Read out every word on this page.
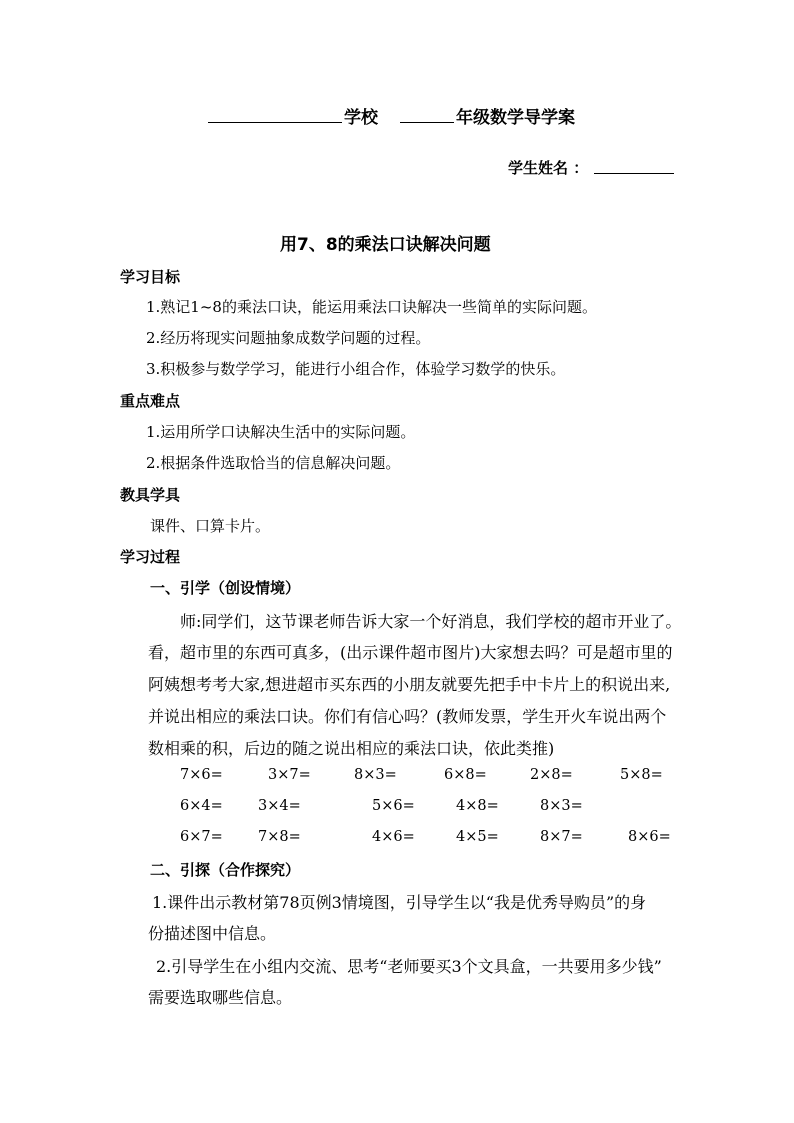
学校	年级数学导学案
学生姓名 ：
用7、8的乘法口诀解决问题
学习目标
1.熟记1~8的乘法口诀，能运用乘法口诀解决一些简单的实际问题。
2.经历将现实问题抽象成数学问题的过程。
3.积极参与数学学习，能进行小组合作，体验学习数学的快乐。
重点难点
1.运用所学口诀解决生活中的实际问题。
2.根据条件选取恰当的信息解决问题。
教具学具
课件、口算卡片。
学习过程
一、引学（创设情境）
师:同学们，这节课老师告诉大家一个好消息，我们学校的超市开业了。
看，超市里的东西可真多，(出示课件超市图片)大家想去吗？可是超市里的
阿姨想考考大家,想进超市买东西的小朋友就要先把手中卡片上的积说出来,
并说出相应的乘法口诀。你们有信心吗？(教师发票，学生开火车说出两个
数相乘的积，后边的随之说出相应的乘法口诀，依此类推)
7×6=	3×7=	8×3=	6×8=	2×8=	5×8=
6×4= 3×4=	5×6=	4×8=	8×3=
6×7= 7×8=	4×6=	4×5=	8×7=	8×6=
二、引探（合作探究）
1.课件出示教材第78页例3情境图，引导学生以“我是优秀导购员”的身
份描述图中信息。
2.引导学生在小组内交流、思考“老师要买3个文具盒，一共要用多少钱”
需要选取哪些信息。
